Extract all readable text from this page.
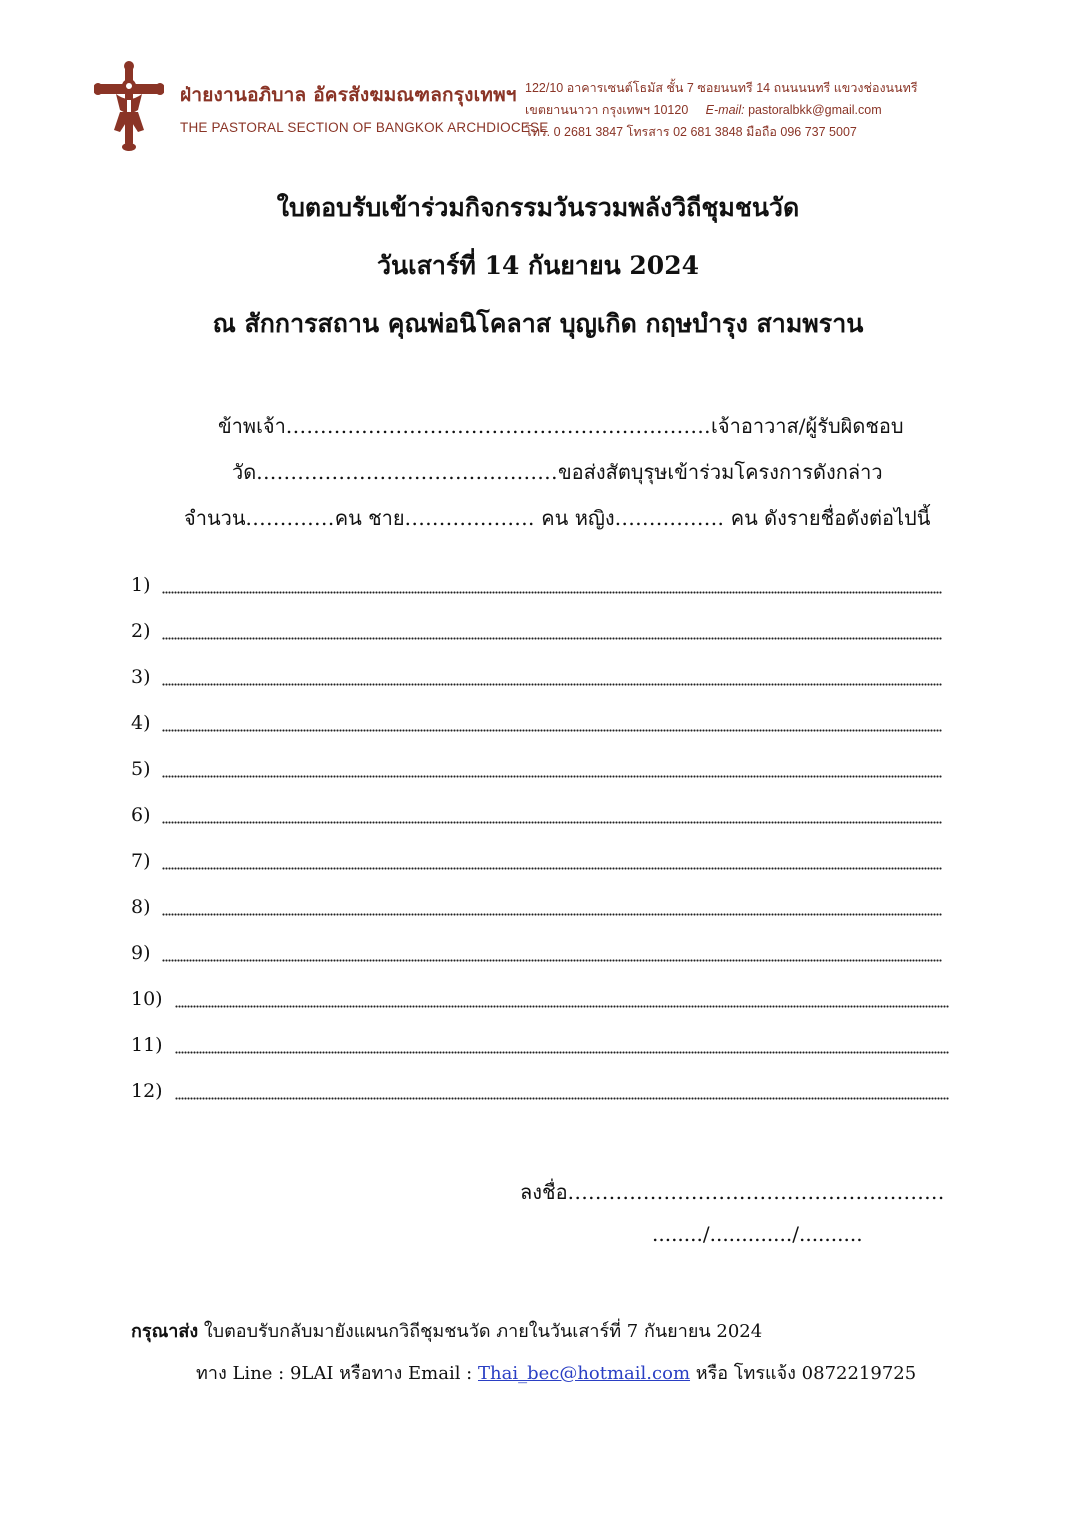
ฝ่ายงานอภิบาล อัครสังฆมณฑลกรุงเทพฯ
THE PASTORAL SECTION OF BANGKOK ARCHDIOCESE
122/10 อาคารเซนต์โธมัส ชั้น 7 ซอยนนทรี 14 ถนนนนทรี แขวงช่องนนทรี
เขตยานนาวา กรุงเทพฯ 10120 E-mail: pastoralbkk@gmail.com
โทร. 0 2681 3847 โทรสาร 02 681 3848 มือถือ 096 737 5007
ใบตอบรับเข้าร่วมกิจกรรมวันรวมพลังวิถีชุมชนวัด
วันเสาร์ที่ 14 กันยายน 2024
ณ สักการสถาน คุณพ่อนิโคลาส บุญเกิด กฤษบำรุง สามพราน
ข้าพเจ้า..............................................................เจ้าอาวาส/ผู้รับผิดชอบ
วัด............................................ขอส่งสัตบุรุษเข้าร่วมโครงการดังกล่าว
จำนวน.............คน ชาย................... คน หญิง................ คน ดังรายชื่อดังต่อไปนี้
1)
2)
3)
4)
5)
6)
7)
8)
9)
10)
11)
12)
ลงชื่อ.......................................................
......../............./..........
กรุณาส่ง ใบตอบรับกลับมายังแผนกวิถีชุมชนวัด ภายในวันเสาร์ที่ 7 กันยายน 2024
ทาง Line : 9LAI หรือทาง Email : Thai_bec@hotmail.com หรือ โทรแจ้ง 0872219725
